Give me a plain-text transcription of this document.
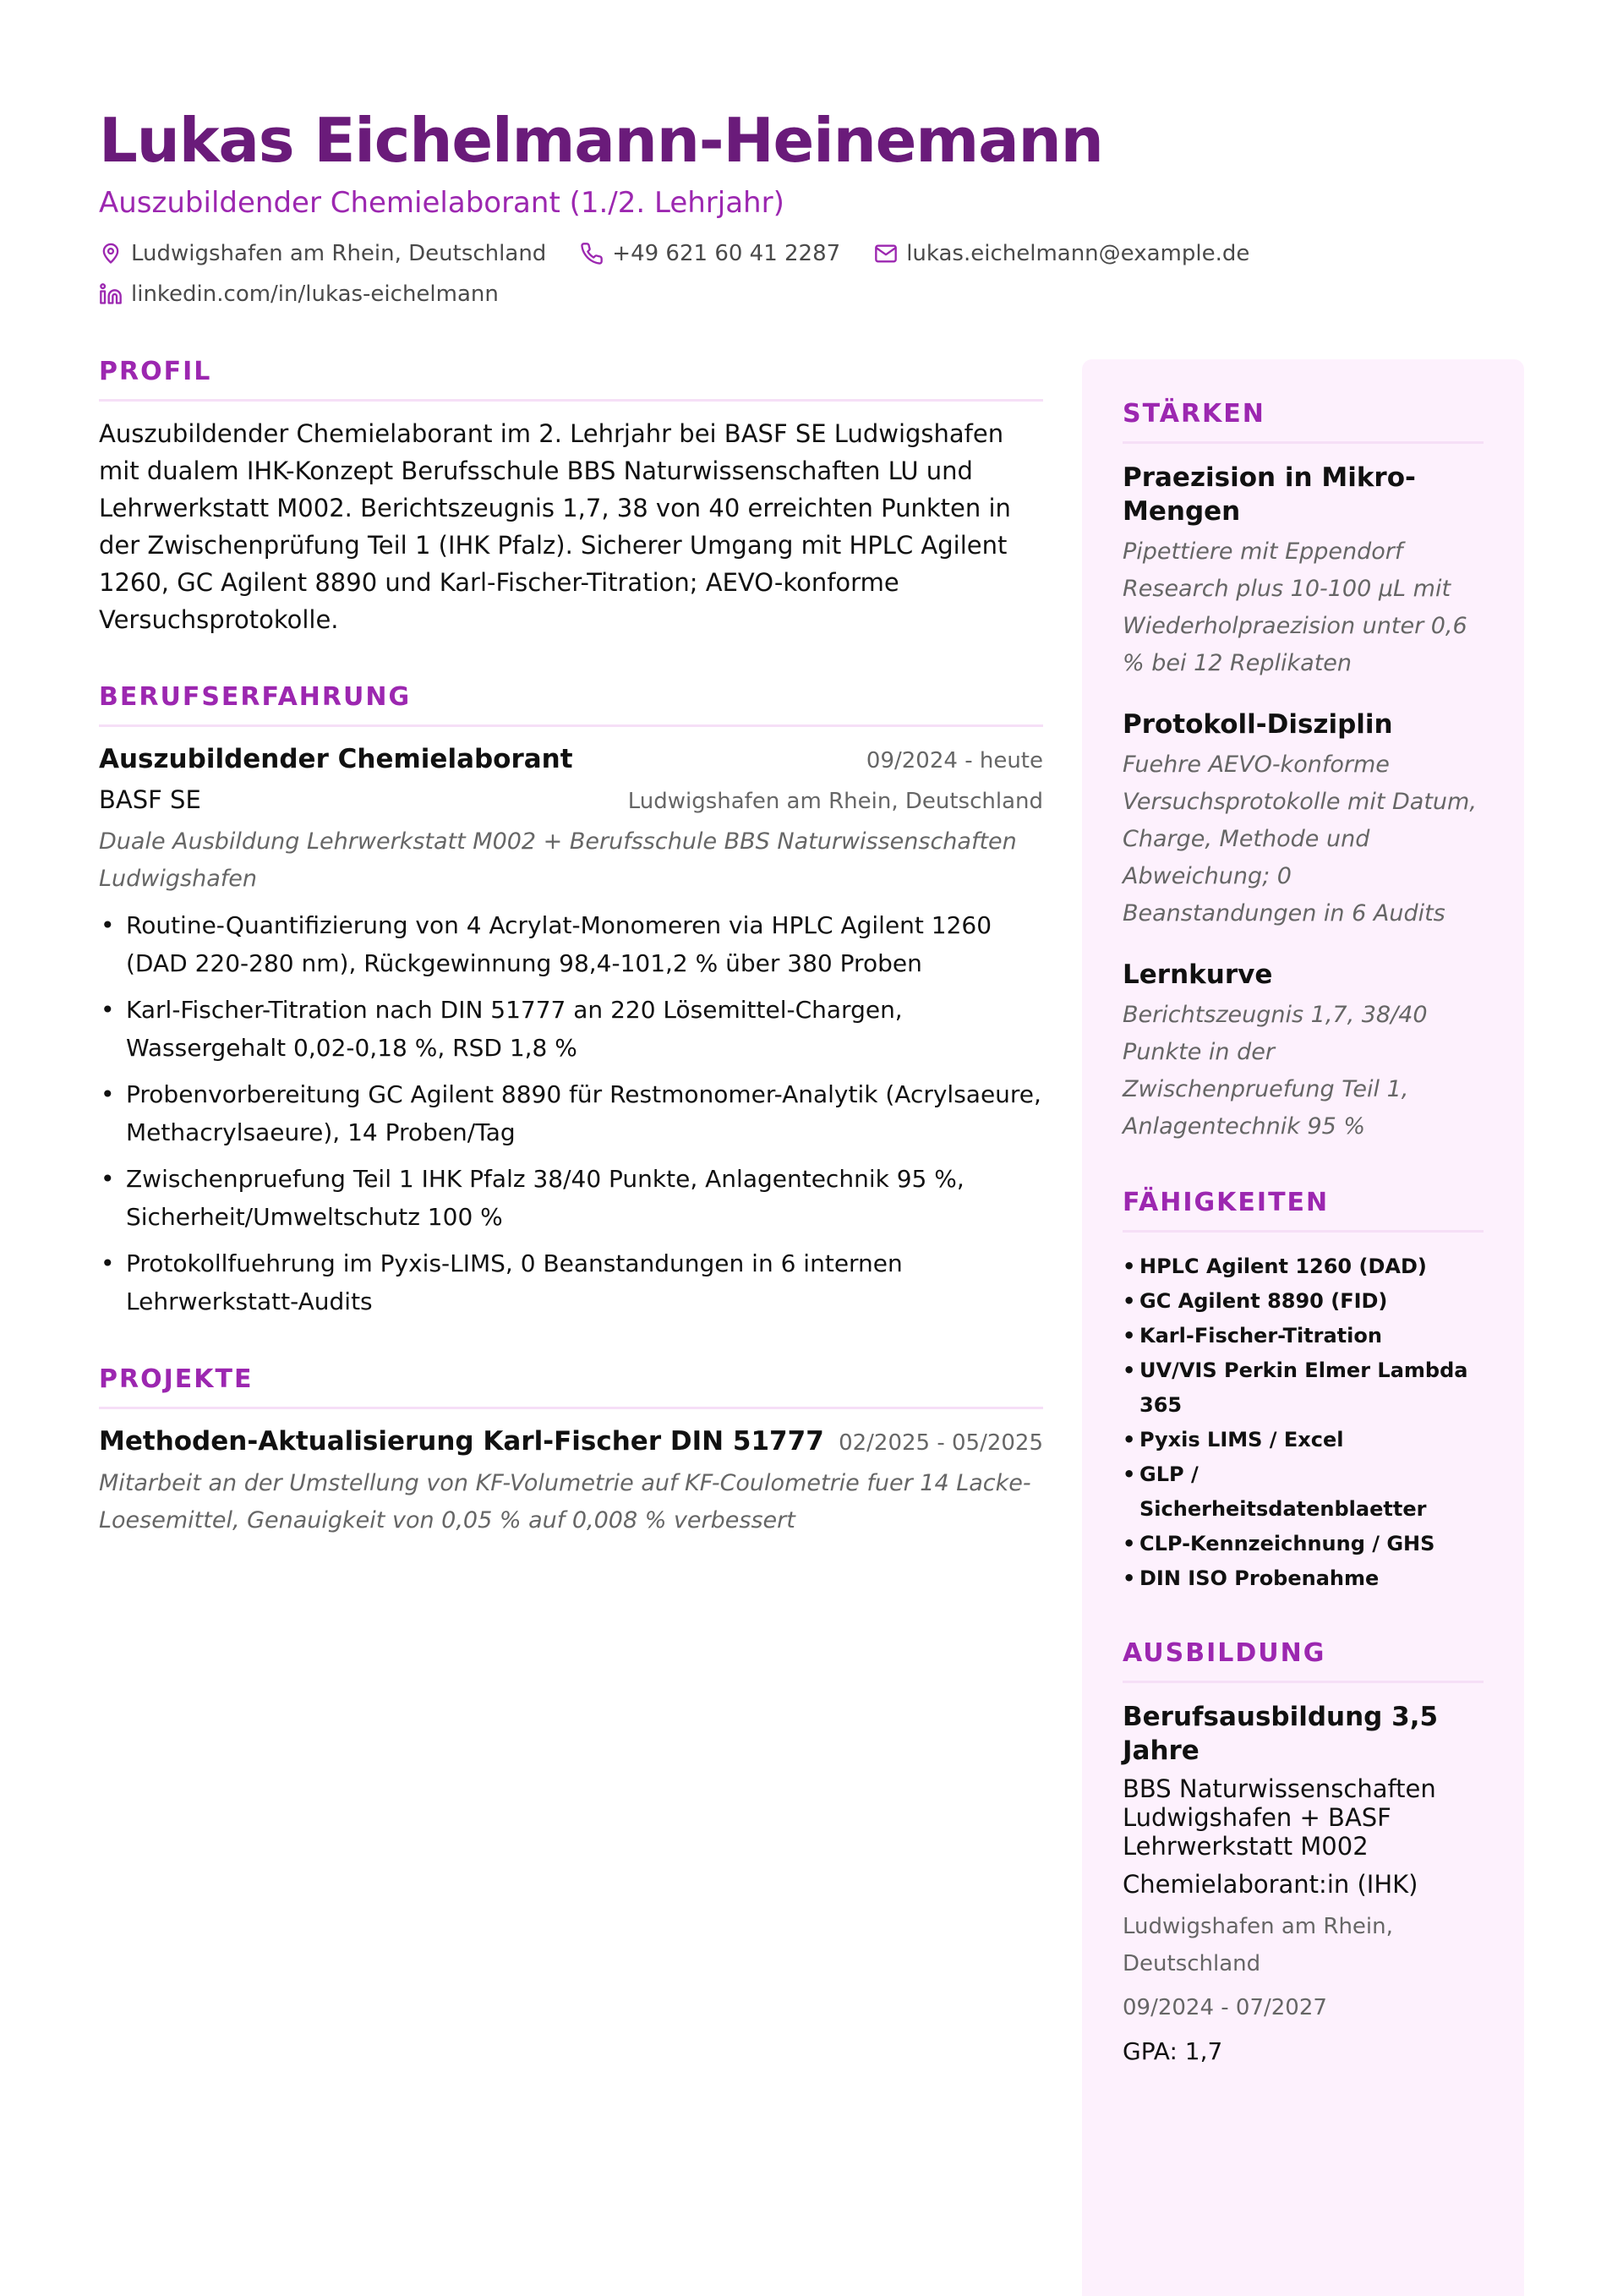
Lukas Eichelmann-Heinemann
Auszubildender Chemielaborant (1./2. Lehrjahr)
Ludwigshafen am Rhein, Deutschland	+49 621 60 41 2287	lukas.eichelmann@example.de
linkedin.com/in/lukas-eichelmann
PROFIL

Auszubildender Chemielaborant im 2. Lehrjahr bei BASF SE Ludwigshafen mit dualem IHK-Konzept Berufsschule BBS Naturwissenschaften LU und Lehrwerkstatt M002. Berichtszeugnis 1,7, 38 von 40 erreichten Punkten in der Zwischenprüfung Teil 1 (IHK Pfalz). Sicherer Umgang mit HPLC Agilent 1260, GC Agilent 8890 und Karl-Fischer-Titration; AEVO-konforme Versuchsprotokolle.

BERUFSERFAHRUNG
Auszubildender Chemielaborant	09/2024 - heute
BASF SE	Ludwigshafen am Rhein, Deutschland
Duale Ausbildung Lehrwerkstatt M002 + Berufsschule BBS Naturwissenschaften Ludwigshafen
• Routine-Quantifizierung von 4 Acrylat-Monomeren via HPLC Agilent 1260 (DAD 220-280 nm), Rückgewinnung 98,4-101,2 % über 380 Proben
• Karl-Fischer-Titration nach DIN 51777 an 220 Lösemittel-Chargen, Wassergehalt 0,02-0,18 %, RSD 1,8 %
• Probenvorbereitung GC Agilent 8890 für Restmonomer-Analytik (Acrylsaeure, Methacrylsaeure), 14 Proben/Tag
• Zwischenpruefung Teil 1 IHK Pfalz 38/40 Punkte, Anlagentechnik 95 %, Sicherheit/Umweltschutz 100 %
• Protokollfuehrung im Pyxis-LIMS, 0 Beanstandungen in 6 internen Lehrwerkstatt-Audits
PROJEKTE
Methoden-Aktualisierung Karl-Fischer DIN 51777 02/2025 - 05/2025
Mitarbeit an der Umstellung von KF-Volumetrie auf KF-Coulometrie fuer 14 Lacke-Loesemittel, Genauigkeit von 0,05 % auf 0,008 % verbessert
STÄRKEN
Praezision in Mikro-Mengen
Pipettiere mit Eppendorf Research plus 10-100 µL mit Wiederholpraezision unter 0,6 % bei 12 Replikaten
Protokoll-Disziplin
Fuehre AEVO-konforme Versuchsprotokolle mit Datum, Charge, Methode und Abweichung; 0 Beanstandungen in 6 Audits
Lernkurve
Berichtszeugnis 1,7, 38/40 Punkte in der Zwischenpruefung Teil 1, Anlagentechnik 95 %
FÄHIGKEITEN
• HPLC Agilent 1260 (DAD)
• GC Agilent 8890 (FID)
• Karl-Fischer-Titration
• UV/VIS Perkin Elmer Lambda 365
• Pyxis LIMS / Excel
• GLP / Sicherheitsdatenblaetter
• CLP-Kennzeichnung / GHS
• DIN ISO Probenahme
AUSBILDUNG
Berufsausbildung 3,5 Jahre
BBS Naturwissenschaften Ludwigshafen + BASF Lehrwerkstatt M002
Chemielaborant:in (IHK)
Ludwigshafen am Rhein, Deutschland
09/2024 - 07/2027
GPA: 1,7
